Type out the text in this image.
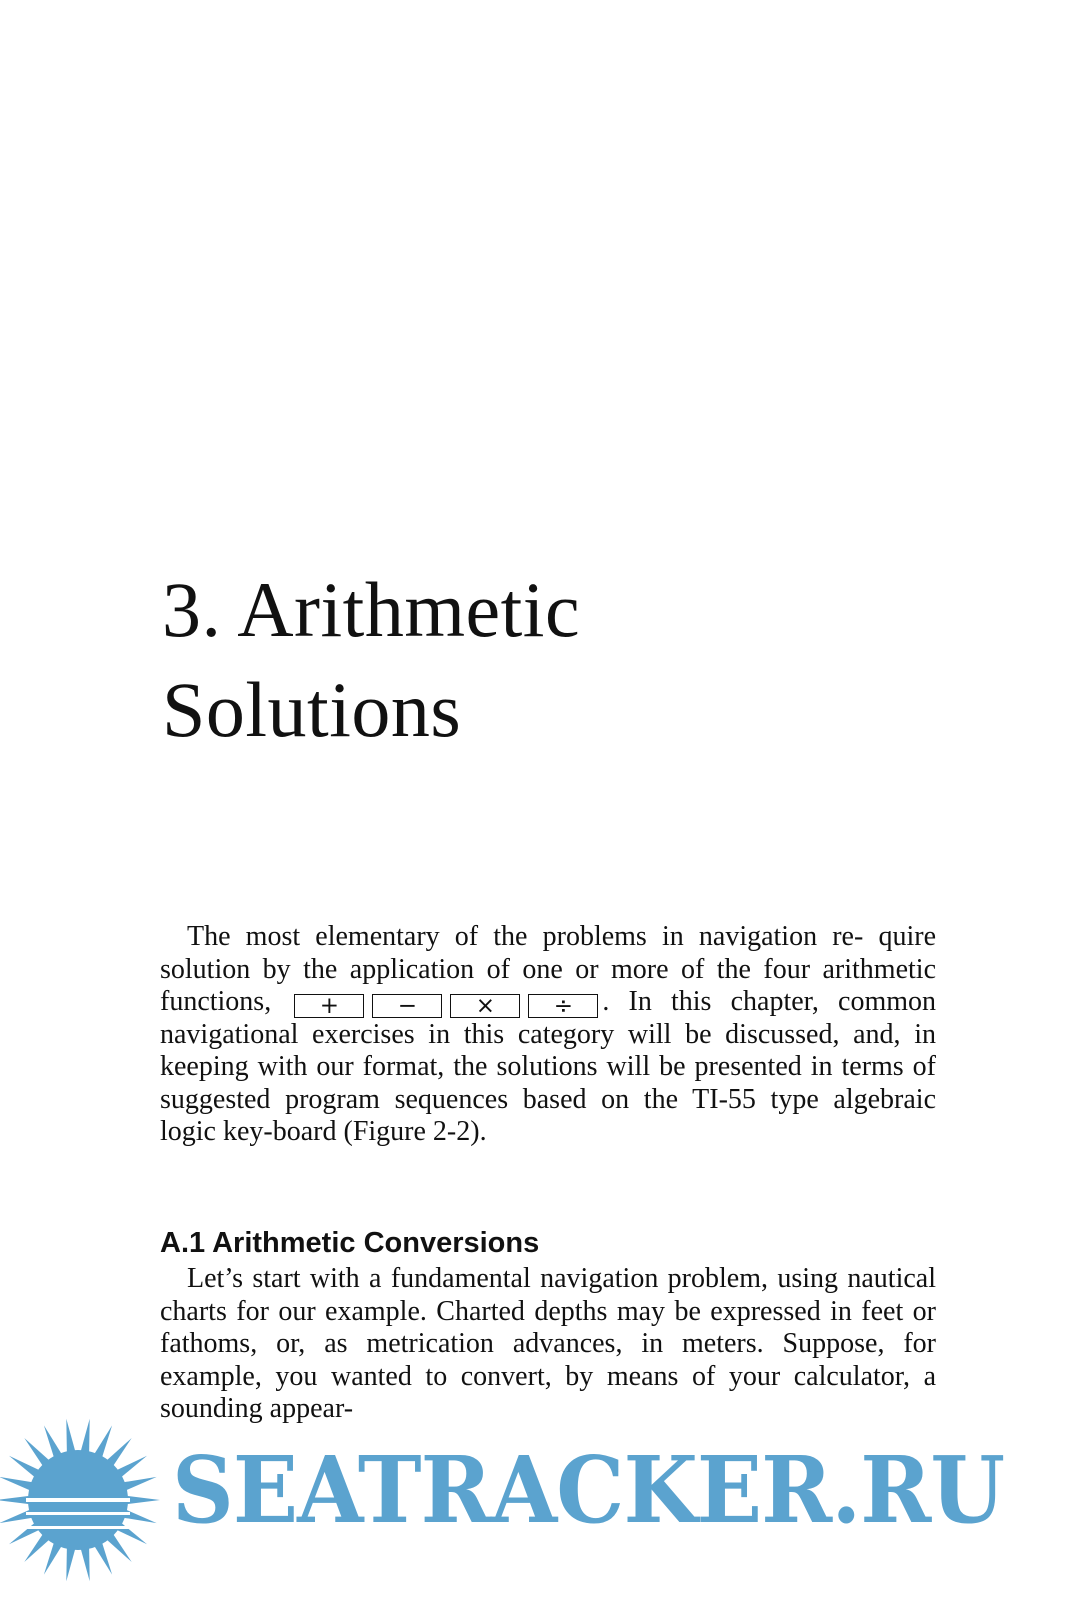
3. Arithmetic
Solutions

The most elementary of the problems in navigation re- quire solution by the application of one or more of the four arithmetic functions, +	−	×	÷ . In this chapter, common navigational exercises in this category will be discussed, and, in keeping with our format, the solutions will be presented in terms of suggested program sequences based on the TI-55 type algebraic logic key-board (Figure 2-2).

A.1 Arithmetic Conversions

Let’s start with a fundamental navigation problem, using nautical charts for our example. Charted depths may be expressed in feet or fathoms, or, as metrication advances, in meters. Suppose, for example, you wanted to convert, by means of your calculator, a sounding appear-

SEATRACKER.RU
